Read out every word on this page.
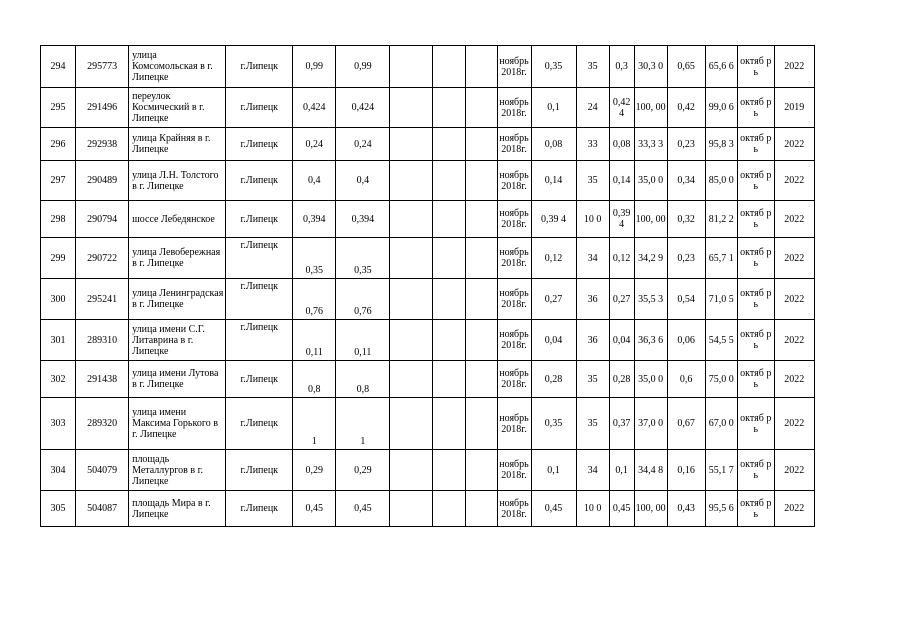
294	295773	улица Комсомольская в г. Липецке	г.Липецк	0,99	0,99				ноябрь 2018г.	0,35	35	0,3	30,3 0	0,65	65,6 6	октяб рь	2022
295	291496	переулок Космический в г. Липецке	г.Липецк	0,424	0,424				ноябрь 2018г.	0,1	24	0,42 4	100, 00	0,42	99,0 6	октяб рь	2019
296	292938	улица Крайняя в г. Липецке	г.Липецк	0,24	0,24				ноябрь 2018г.	0,08	33	0,08	33,3 3	0,23	95,8 3	октяб рь	2022
297	290489	улица Л.Н. Толстого в г. Липецке	г.Липецк	0,4	0,4				ноябрь 2018г.	0,14	35	0,14	35,0 0	0,34	85,0 0	октяб рь	2022
298	290794	шоссе Лебедянское	г.Липецк	0,394	0,394				ноябрь 2018г.	0,39 4	10 0	0,39 4	100, 00	0,32	81,2 2	октяб рь	2022
299	290722	улица Левобережная в г. Липецке	г.Липецк	0,35	0,35				ноябрь 2018г.	0,12	34	0,12	34,2 9	0,23	65,7 1	октяб рь	2022
300	295241	улица Ленинградская в г. Липецке	г.Липецк	0,76	0,76				ноябрь 2018г.	0,27	36	0,27	35,5 3	0,54	71,0 5	октяб рь	2022
301	289310	улица имени С.Г. Литаврина в г. Липецке	г.Липецк	0,11	0,11				ноябрь 2018г.	0,04	36	0,04	36,3 6	0,06	54,5 5	октяб рь	2022
302	291438	улица имени Лутова в г. Липецке	г.Липецк	0,8	0,8				ноябрь 2018г.	0,28	35	0,28	35,0 0	0,6	75,0 0	октяб рь	2022
303	289320	улица имени Максима Горького в г. Липецке	г.Липецк	1	1				ноябрь 2018г.	0,35	35	0,37	37,0 0	0,67	67,0 0	октяб рь	2022
304	504079	площадь Металлургов в г. Липецке	г.Липецк	0,29	0,29				ноябрь 2018г.	0,1	34	0,1	34,4 8	0,16	55,1 7	октяб рь	2022
305	504087	площадь Мира в г. Липецке	г.Липецк	0,45	0,45				ноябрь 2018г.	0,45	10 0	0,45	100, 00	0,43	95,5 6	октяб рь	2022
